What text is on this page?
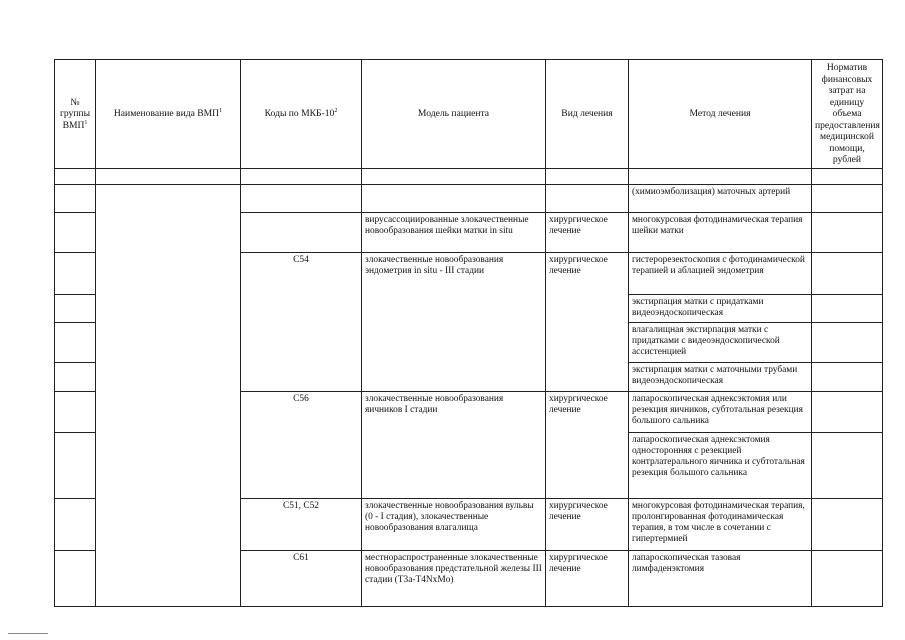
№
группы
ВМП$^1$	Наименование вида ВМП$^1$	Коды по МКБ-$10^2$	Модель пациента	Вид лечения	Метод лечения	Норматив финансовых затрат на единицу объема предоставления медицинской помощи, рублей

					(химиоэмболизация) маточных артерий	
			вирусассоциированные злокачественные новообразования шейки матки in situ	хирургическое лечение	многокурсовая фотодинамическая терапия шейки матки	
		C54	злокачественные новообразования эндометрия in situ - III стадии	хирургическое лечение	гистерорезектоскопия с фотодинамической терапией и аблацией эндометрия	
					экстирпация матки с придатками видеоэндоскопическая	
					влагалищная экстирпация матки с придатками с видеоэндоскопической ассистенцией	
					экстирпация матки с маточными трубами видеоэндоскопическая	
		C56	злокачественные новообразования яичников I стадии	хирургическое лечение	лапароскопическая аднексэктомия или резекция яичников, субтотальная резекция большого сальника	
					лапароскопическая аднексэктомия односторонняя с резекцией контрлатерального яичника и субтотальная резекция большого сальника	
		C51, C52	злокачественные новообразования вульвы (0 - I стадия), злокачественные новообразования влагалища	хирургическое лечение	многокурсовая фотодинамическая терапия, пролонгированная фотодинамическая терапия, в том числе в сочетании с гипертермией	
		C61	местнораспространенные злокачественные новообразования предстательной железы III стадии (T3a-T4NxMo)	хирургическое лечение	лапароскопическая тазовая лимфаденэктомия	
